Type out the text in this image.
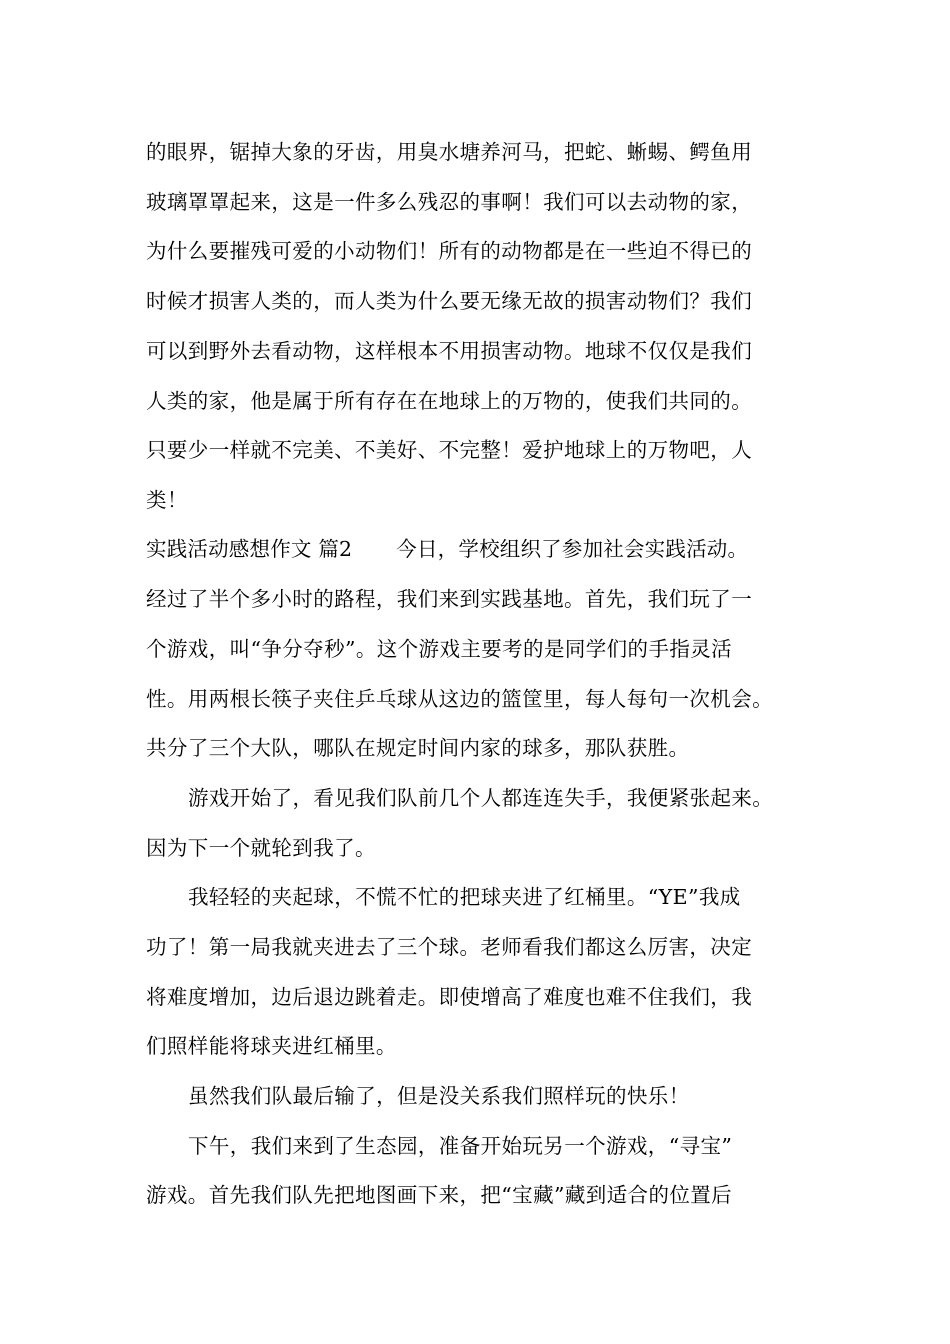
的眼界，锯掉大象的牙齿，用臭水塘养河马，把蛇、蜥蜴、鳄鱼用
玻璃罩罩起来，这是一件多么残忍的事啊！我们可以去动物的家，
为什么要摧残可爱的小动物们！所有的动物都是在一些迫不得已的
时候才损害人类的，而人类为什么要无缘无故的损害动物们？我们
可以到野外去看动物，这样根本不用损害动物。地球不仅仅是我们
人类的家，他是属于所有存在在地球上的万物的，使我们共同的。
只要少一样就不完美、不美好、不完整！爱护地球上的万物吧，人
类！
实践活动感想作文 篇2 今日，学校组织了参加社会实践活动。
经过了半个多小时的路程，我们来到实践基地。首先，我们玩了一
个游戏，叫“争分夺秒”。这个游戏主要考的是同学们的手指灵活
性。用两根长筷子夹住乒乓球从这边的篮筐里，每人每句一次机会。
共分了三个大队，哪队在规定时间内家的球多，那队获胜。
游戏开始了，看见我们队前几个人都连连失手，我便紧张起来。
因为下一个就轮到我了。
我轻轻的夹起球，不慌不忙的把球夹进了红桶里。“YE”我成
功了！第一局我就夹进去了三个球。老师看我们都这么厉害，决定
将难度增加，边后退边跳着走。即使增高了难度也难不住我们，我
们照样能将球夹进红桶里。
虽然我们队最后输了，但是没关系我们照样玩的快乐！
下午，我们来到了生态园，准备开始玩另一个游戏，“寻宝”
游戏。首先我们队先把地图画下来，把“宝藏”藏到适合的位置后
